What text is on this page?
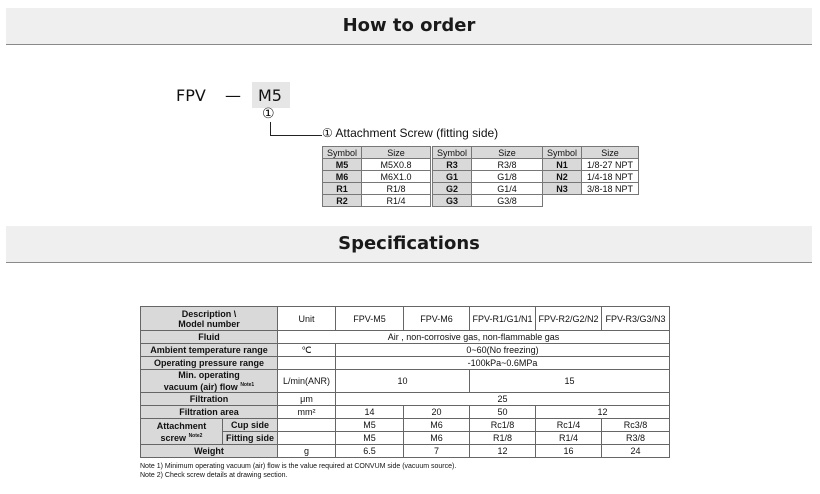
How to order
FPV — M5
①
① Attachment Screw (fitting side)
Symbol	Size
M5	M5X0.8
M6	M6X1.0
R1	R1/8
R2	R1/4
Symbol	Size
R3	R3/8
G1	G1/8
G2	G1/4
G3	G3/8
Symbol	Size
N1	1/8-27 NPT
N2	1/4-18 NPT
N3	3/8-18 NPT
Specifications
Description \
Model number		Unit	FPV-M5	FPV-M6	FPV-R1/G1/N1	FPV-R2/G2/N2	FPV-R3/G3/N3
Fluid		Air , non-corrosive gas, non-flammable gas					
Ambient temperature range		℃	0~60(No freezing)				
Operating pressure range			-100kPa~0.6MPa				

Min. operating
vacuum (air) flow $^{Note1}$		L/min(ANR)	10		15		
Filtration		μm	25				
Filtration area		mm²	14	20	50	12	

Attachment
screw $^{Note2}$	Cup side		M5	M6	Rc1/8	Rc1/4	Rc3/8
	Fitting side		M5	M6	R1/8	R1/4	R3/8
Weight		g	6.5	7	12	16	24
Note 1) Minimum operating vacuum (air) flow is the value required at CONVUM side (vacuum source).
Note 2) Check screw details at drawing section.
